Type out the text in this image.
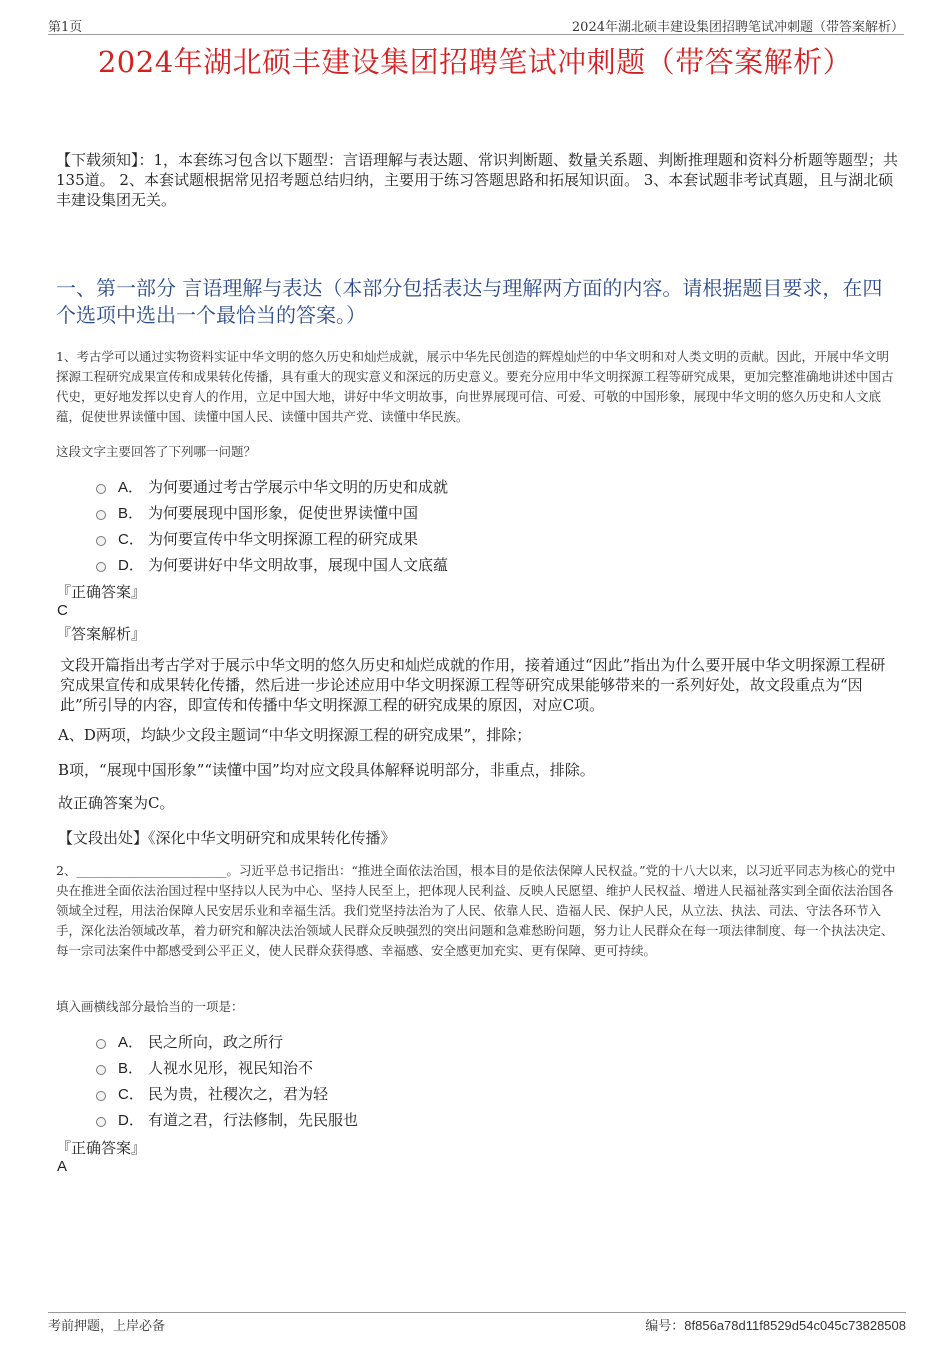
第1页	2024年湖北硕丰建设集团招聘笔试冲刺题（带答案解析）
2024年湖北硕丰建设集团招聘笔试冲刺题（带答案解析）
【下载须知】：1，本套练习包含以下题型：言语理解与表达题、常识判断题、数量关系题、判断推理题和资料分析题等题型；共135道。 2、本套试题根据常见招考题总结归纳，主要用于练习答题思路和拓展知识面。 3、本套试题非考试真题，且与湖北硕丰建设集团无关。
一、第一部分 言语理解与表达（本部分包括表达与理解两方面的内容。请根据题目要求，在四个选项中选出一个最恰当的答案。）
1、考古学可以通过实物资料实证中华文明的悠久历史和灿烂成就，展示中华先民创造的辉煌灿烂的中华文明和对人类文明的贡献。因此，开展中华文明探源工程研究成果宣传和成果转化传播，具有重大的现实意义和深远的历史意义。要充分应用中华文明探源工程等研究成果，更加完整准确地讲述中国古代史，更好地发挥以史育人的作用，立足中国大地，讲好中华文明故事，向世界展现可信、可爱、可敬的中国形象，展现中华文明的悠久历史和人文底蕴，促使世界读懂中国、读懂中国人民、读懂中国共产党、读懂中华民族。
这段文字主要回答了下列哪一问题？
A． 为何要通过考古学展示中华文明的历史和成就
B． 为何要展现中国形象，促使世界读懂中国
C． 为何要宣传中华文明探源工程的研究成果
D． 为何要讲好中华文明故事，展现中国人文底蕴
『正确答案』
C
『答案解析』
文段开篇指出考古学对于展示中华文明的悠久历史和灿烂成就的作用，接着通过“因此”指出为什么要开展中华文明探源工程研究成果宣传和成果转化传播，然后进一步论述应用中华文明探源工程等研究成果能够带来的一系列好处，故文段重点为“因此”所引导的内容，即宣传和传播中华文明探源工程的研究成果的原因，对应C项。
A、D两项，均缺少文段主题词“中华文明探源工程的研究成果”，排除；
B项，“展现中国形象”“读懂中国”均对应文段具体解释说明部分，非重点，排除。
故正确答案为C。
【文段出处】《深化中华文明研究和成果转化传播》
2、________________________。习近平总书记指出：“推进全面依法治国，根本目的是依法保障人民权益。”党的十八大以来，以习近平同志为核心的党中央在推进全面依法治国过程中坚持以人民为中心、坚持人民至上，把体现人民利益、反映人民愿望、维护人民权益、增进人民福祉落实到全面依法治国各领域全过程，用法治保障人民安居乐业和幸福生活。我们党坚持法治为了人民、依靠人民、造福人民、保护人民，从立法、执法、司法、守法各环节入手，深化法治领域改革，着力研究和解决法治领域人民群众反映强烈的突出问题和急难愁盼问题，努力让人民群众在每一项法律制度、每一个执法决定、每一宗司法案件中都感受到公平正义，使人民群众获得感、幸福感、安全感更加充实、更有保障、更可持续。
填入画横线部分最恰当的一项是：
A． 民之所向，政之所行
B． 人视水见形，视民知治不
C． 民为贵，社稷次之，君为轻
D． 有道之君，行法修制，先民服也
『正确答案』
A
考前押题，上岸必备	编号：8f856a78d11f8529d54c045c73828508
